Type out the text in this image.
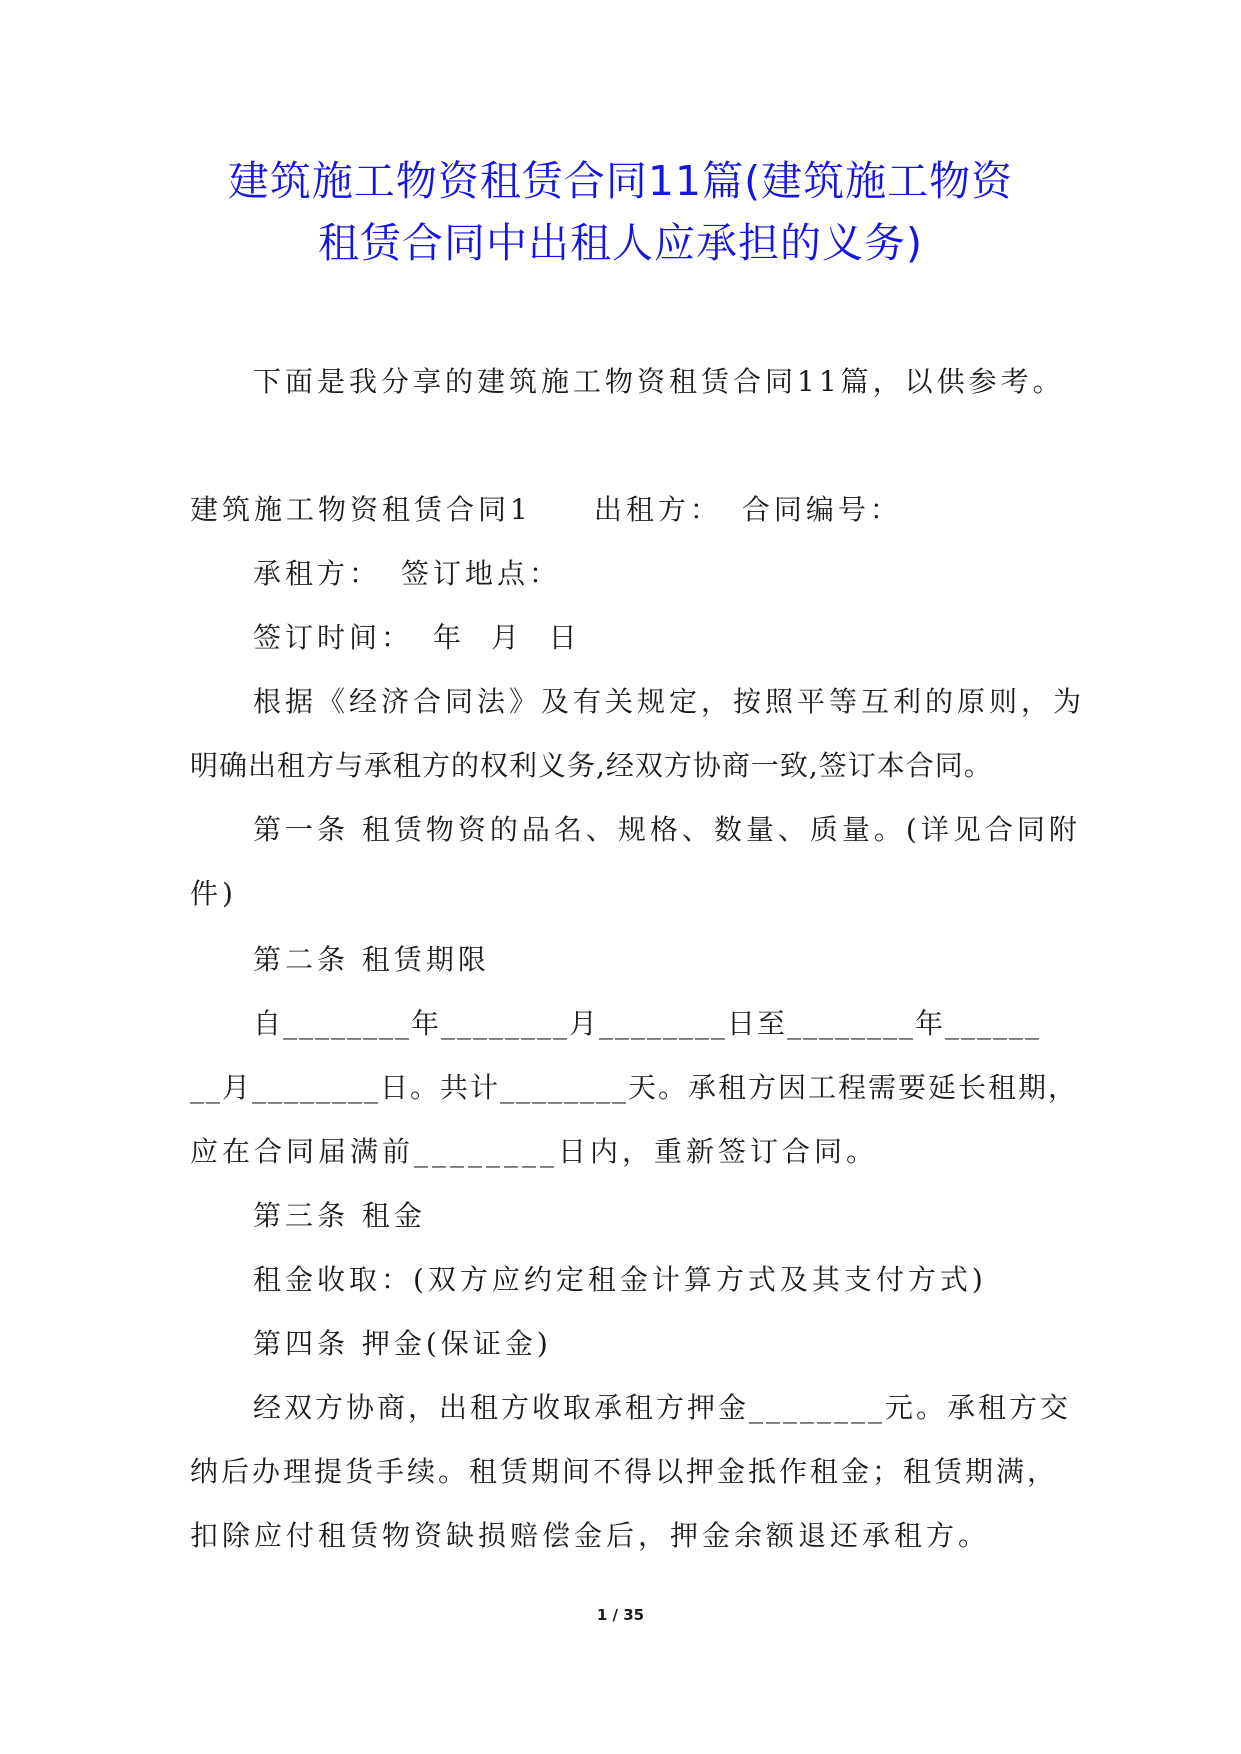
建筑施工物资租赁合同11篇(建筑施工物资
租赁合同中出租人应承担的义务)

下面是我分享的建筑施工物资租赁合同11篇，以供参考。

建筑施工物资租赁合同1 出租方： 合同编号：

承租方： 签订地点：

签订时间： 年  月  日

根据《经济合同法》及有关规定，按照平等互利的原则，为

明确出租方与承租方的权利义务,经双方协商一致,签订本合同。

第一条 租赁物资的品名、规格、数量、质量。(详见合同附

件)

第二条 租赁期限

自________年________月________日至________年______

__月________日。共计________天。承租方因工程需要延长租期，

应在合同届满前________日内，重新签订合同。

第三条 租金

租金收取：(双方应约定租金计算方式及其支付方式)

第四条 押金(保证金)

经双方协商，出租方收取承租方押金________元。承租方交

纳后办理提货手续。租赁期间不得以押金抵作租金；租赁期满，

扣除应付租赁物资缺损赔偿金后，押金余额退还承租方。

1 / 35
